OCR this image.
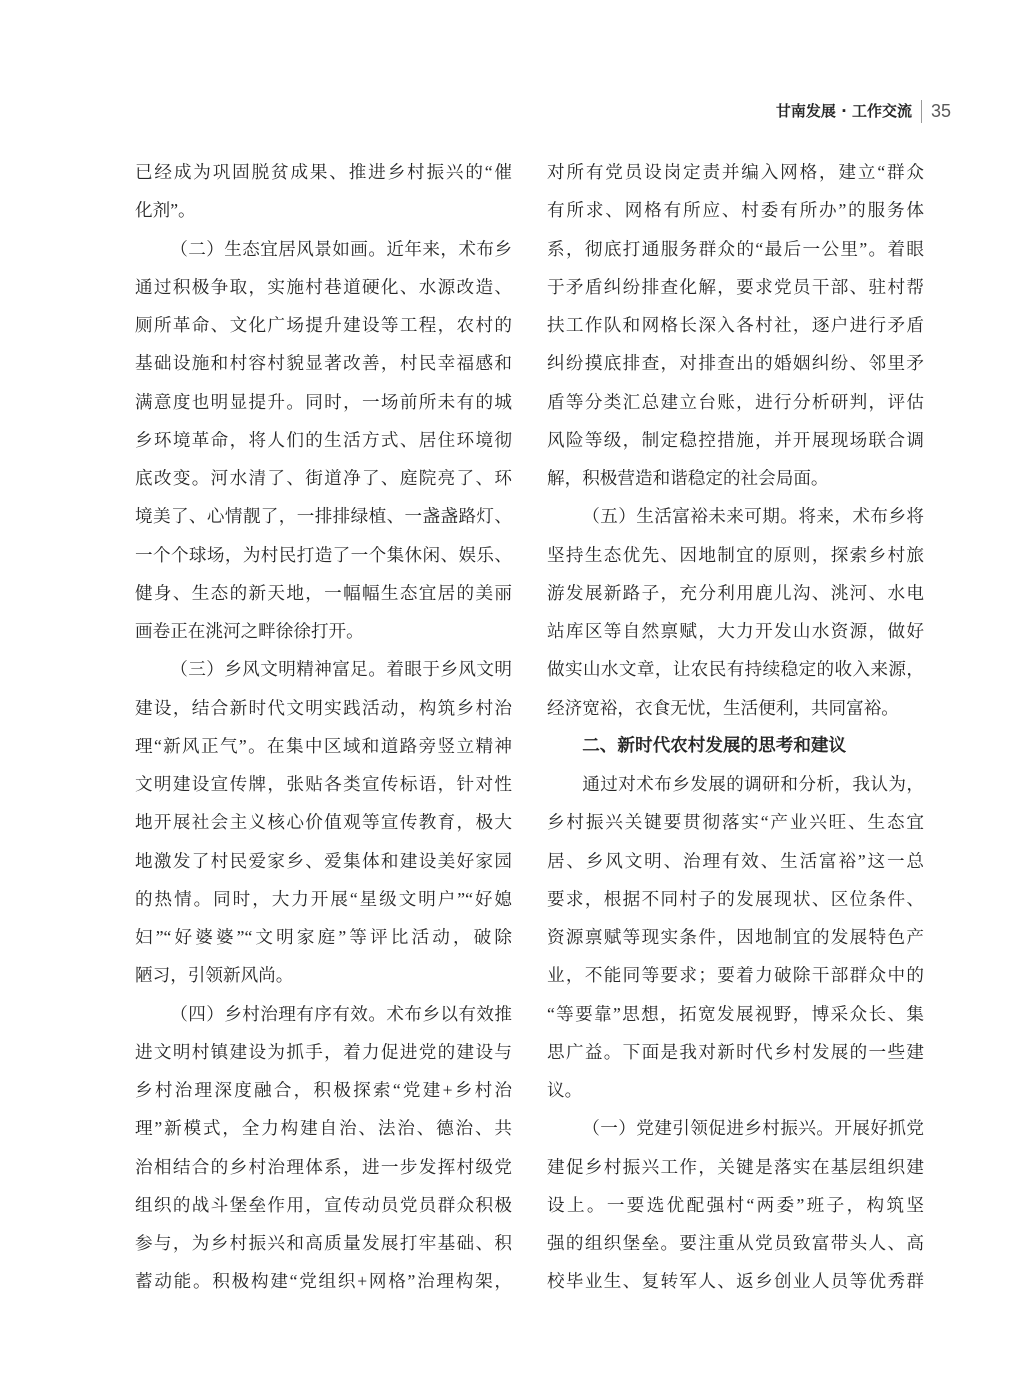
甘南发展 · 工作交流 35
已经成为巩固脱贫成果、推进乡村振兴的“催
化剂”。
（二）生态宜居风景如画。近年来，术布乡
通过积极争取，实施村巷道硬化、水源改造、
厕所革命、文化广场提升建设等工程，农村的
基础设施和村容村貌显著改善，村民幸福感和
满意度也明显提升。同时，一场前所未有的城
乡环境革命，将人们的生活方式、居住环境彻
底改变。河水清了、街道净了、庭院亮了、环
境美了、心情靓了，一排排绿植、一盏盏路灯、
一个个球场，为村民打造了一个集休闲、娱乐、
健身、生态的新天地，一幅幅生态宜居的美丽
画卷正在洮河之畔徐徐打开。
（三）乡风文明精神富足。着眼于乡风文明
建设，结合新时代文明实践活动，构筑乡村治
理“新风正气”。在集中区域和道路旁竖立精神
文明建设宣传牌，张贴各类宣传标语，针对性
地开展社会主义核心价值观等宣传教育，极大
地激发了村民爱家乡、爱集体和建设美好家园
的热情。同时，大力开展“星级文明户”“好媳
妇”“好婆婆”“文明家庭”等评比活动，破除
陋习，引领新风尚。
（四）乡村治理有序有效。术布乡以有效推
进文明村镇建设为抓手，着力促进党的建设与
乡村治理深度融合，积极探索“党建+乡村治
理”新模式，全力构建自治、法治、德治、共
治相结合的乡村治理体系，进一步发挥村级党
组织的战斗堡垒作用，宣传动员党员群众积极
参与，为乡村振兴和高质量发展打牢基础、积
蓄动能。积极构建“党组织+网格”治理构架，
对所有党员设岗定责并编入网格，建立“群众
有所求、网格有所应、村委有所办”的服务体
系，彻底打通服务群众的“最后一公里”。着眼
于矛盾纠纷排查化解，要求党员干部、驻村帮
扶工作队和网格长深入各村社，逐户进行矛盾
纠纷摸底排查，对排查出的婚姻纠纷、邻里矛
盾等分类汇总建立台账，进行分析研判，评估
风险等级，制定稳控措施，并开展现场联合调
解，积极营造和谐稳定的社会局面。
（五）生活富裕未来可期。将来，术布乡将
坚持生态优先、因地制宜的原则，探索乡村旅
游发展新路子，充分利用鹿儿沟、洮河、水电
站库区等自然禀赋，大力开发山水资源，做好
做实山水文章，让农民有持续稳定的收入来源，
经济宽裕，衣食无忧，生活便利，共同富裕。
二、新时代农村发展的思考和建议
通过对术布乡发展的调研和分析，我认为，
乡村振兴关键要贯彻落实“产业兴旺、生态宜
居、乡风文明、治理有效、生活富裕”这一总
要求，根据不同村子的发展现状、区位条件、
资源禀赋等现实条件，因地制宜的发展特色产
业，不能同等要求；要着力破除干部群众中的
“等要靠”思想，拓宽发展视野，博采众长、集
思广益。下面是我对新时代乡村发展的一些建
议。
（一）党建引领促进乡村振兴。开展好抓党
建促乡村振兴工作，关键是落实在基层组织建
设上。一要选优配强村“两委”班子，构筑坚
强的组织堡垒。要注重从党员致富带头人、高
校毕业生、复转军人、返乡创业人员等优秀群
